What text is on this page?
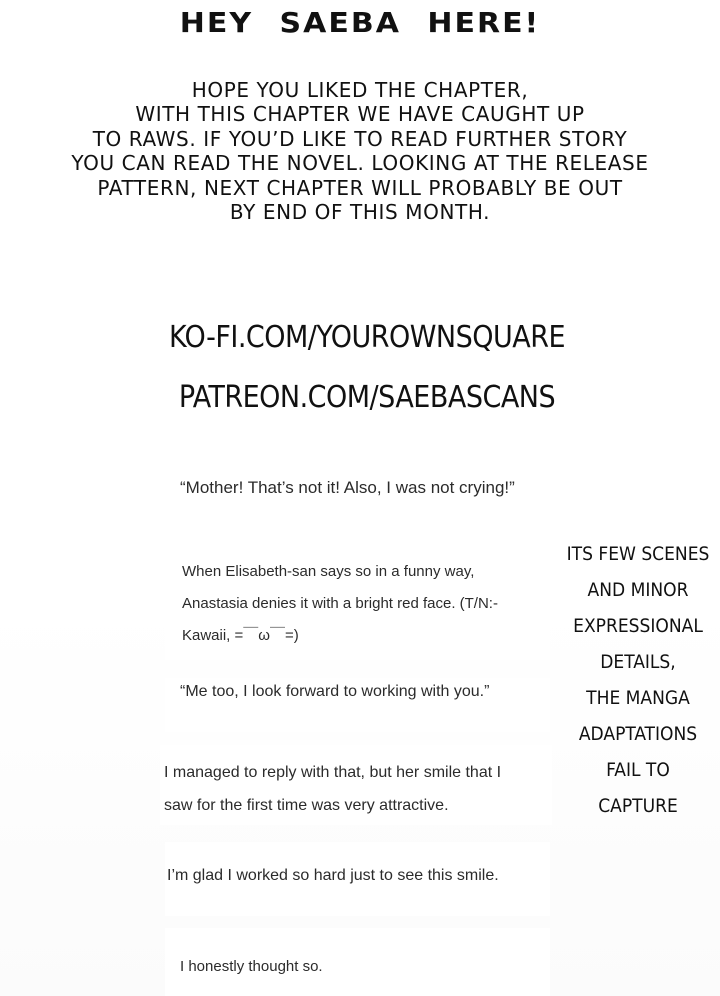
HEY SAEBA HERE!
HOPE YOU LIKED THE CHAPTER,
WITH THIS CHAPTER WE HAVE CAUGHT UP
TO RAWS. IF YOU’D LIKE TO READ FURTHER STORY
YOU CAN READ THE NOVEL. LOOKING AT THE RELEASE
PATTERN, NEXT CHAPTER WILL PROBABLY BE OUT
BY END OF THIS MONTH.
KO-FI.COM/YOUROWNSQUARE
PATREON.COM/SAEBASCANS

“Mother! That’s not it! Also, I was not crying!”

When Elisabeth-san says so in a funny way,
Anastasia denies it with a bright red face. (T/N:-
Kawaii, =￣ω￣=)

“Me too, I look forward to working with you.”

I managed to reply with that, but her smile that I
saw for the first time was very attractive.

I’m glad I worked so hard just to see this smile.

I honestly thought so.

ITS FEW SCENES
AND MINOR
EXPRESSIONAL
DETAILS,
THE MANGA
ADAPTATIONS
FAIL TO
CAPTURE
